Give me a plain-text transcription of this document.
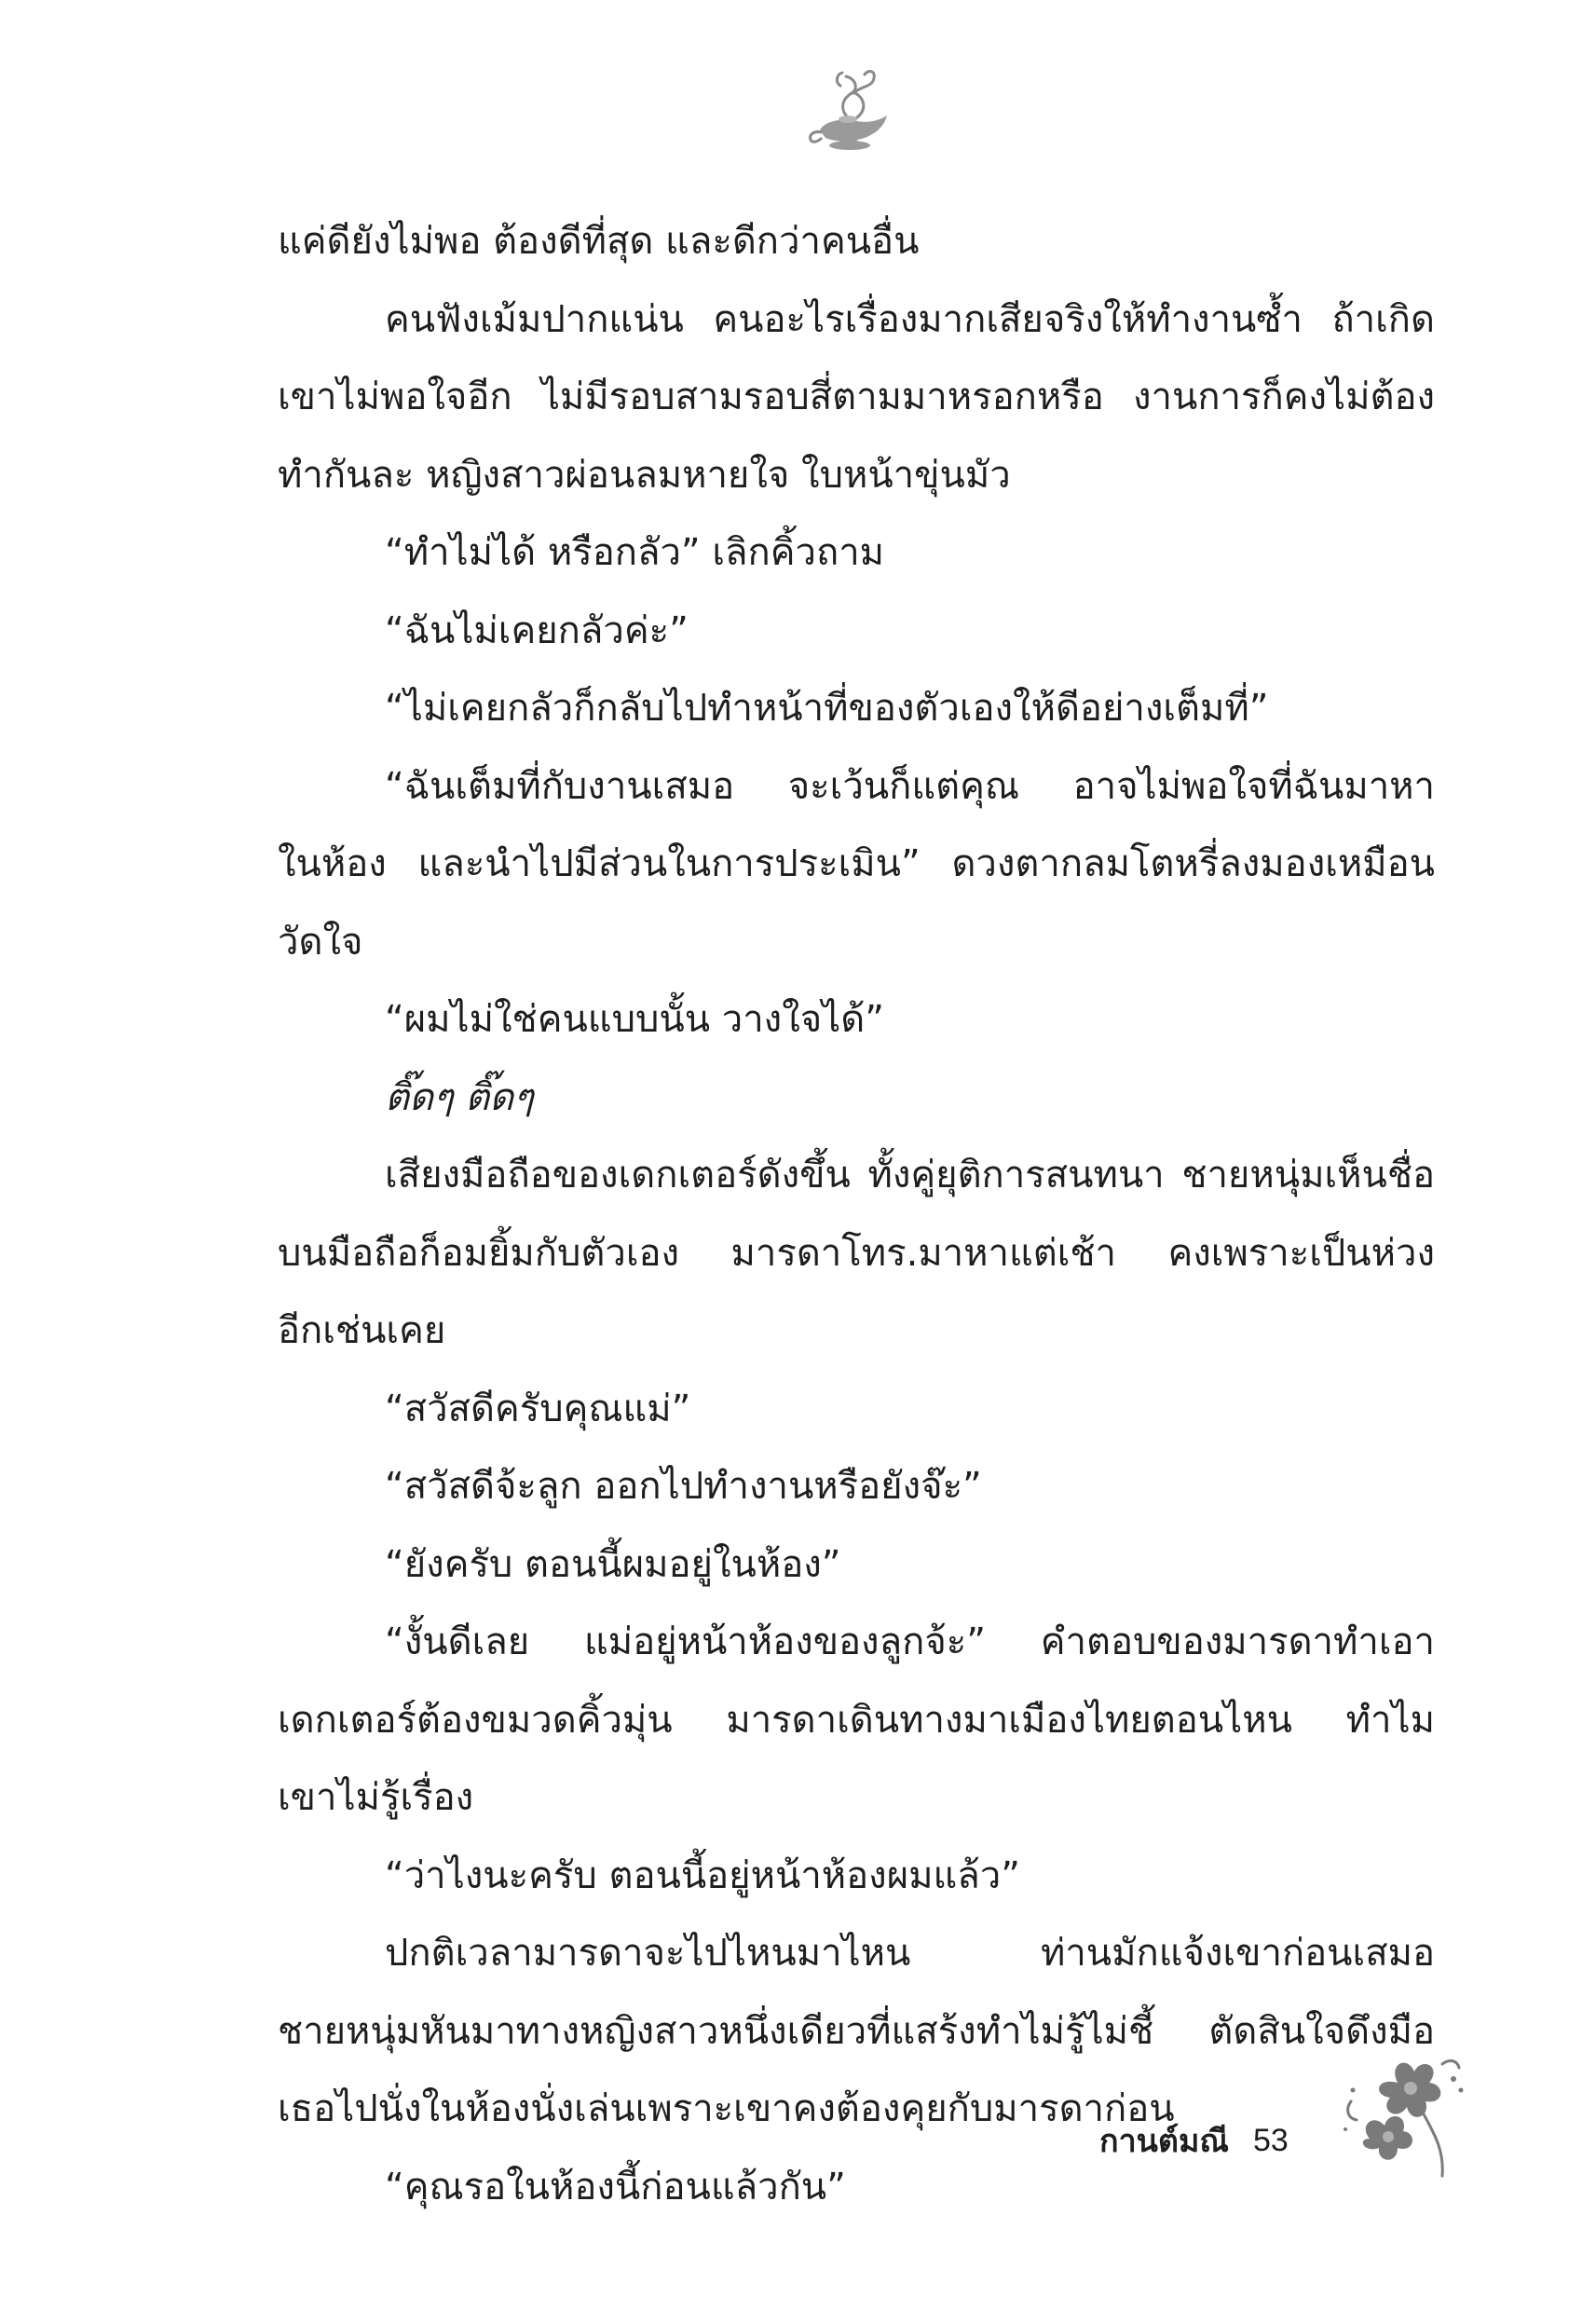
แค่ดียังไม่พอ ต้องดีที่สุด และดีกว่าคนอื่น
คนฟังเม้มปากแน่น คนอะไรเรื่องมากเสียจริงให้ทำงานซ้ำ ถ้าเกิด
เขาไม่พอใจอีก ไม่มีรอบสามรอบสี่ตามมาหรอกหรือ งานการก็คงไม่ต้อง
ทำกันละ หญิงสาวผ่อนลมหายใจ ใบหน้าขุ่นมัว
“ทำไม่ได้ หรือกลัว” เลิกคิ้วถาม
“ฉันไม่เคยกลัวค่ะ”
“ไม่เคยกลัวก็กลับไปทำหน้าที่ของตัวเองให้ดีอย่างเต็มที่”
“ฉันเต็มที่กับงานเสมอ จะเว้นก็แต่คุณ อาจไม่พอใจที่ฉันมาหา
ในห้อง และนำไปมีส่วนในการประเมิน” ดวงตากลมโตหรี่ลงมองเหมือน
วัดใจ
“ผมไม่ใช่คนแบบนั้น วางใจได้”
ติ๊ดๆ ติ๊ดๆ
เสียงมือถือของเดกเตอร์ดังขึ้น ทั้งคู่ยุติการสนทนา ชายหนุ่มเห็นชื่อ
บนมือถือก็อมยิ้มกับตัวเอง มารดาโทร.มาหาแต่เช้า คงเพราะเป็นห่วง
อีกเช่นเคย
“สวัสดีครับคุณแม่”
“สวัสดีจ้ะลูก ออกไปทำงานหรือยังจ๊ะ”
“ยังครับ ตอนนี้ผมอยู่ในห้อง”
“งั้นดีเลย แม่อยู่หน้าห้องของลูกจ้ะ” คำตอบของมารดาทำเอา
เดกเตอร์ต้องขมวดคิ้วมุ่น มารดาเดินทางมาเมืองไทยตอนไหน ทำไม
เขาไม่รู้เรื่อง
“ว่าไงนะครับ ตอนนี้อยู่หน้าห้องผมแล้ว”
ปกติเวลามารดาจะไปไหนมาไหน ท่านมักแจ้งเขาก่อนเสมอ
ชายหนุ่มหันมาทางหญิงสาวหนึ่งเดียวที่แสร้งทำไม่รู้ไม่ชี้ ตัดสินใจดึงมือ
เธอไปนั่งในห้องนั่งเล่นเพราะเขาคงต้องคุยกับมารดาก่อน
“คุณรอในห้องนี้ก่อนแล้วกัน”
กานต์มณี 53
